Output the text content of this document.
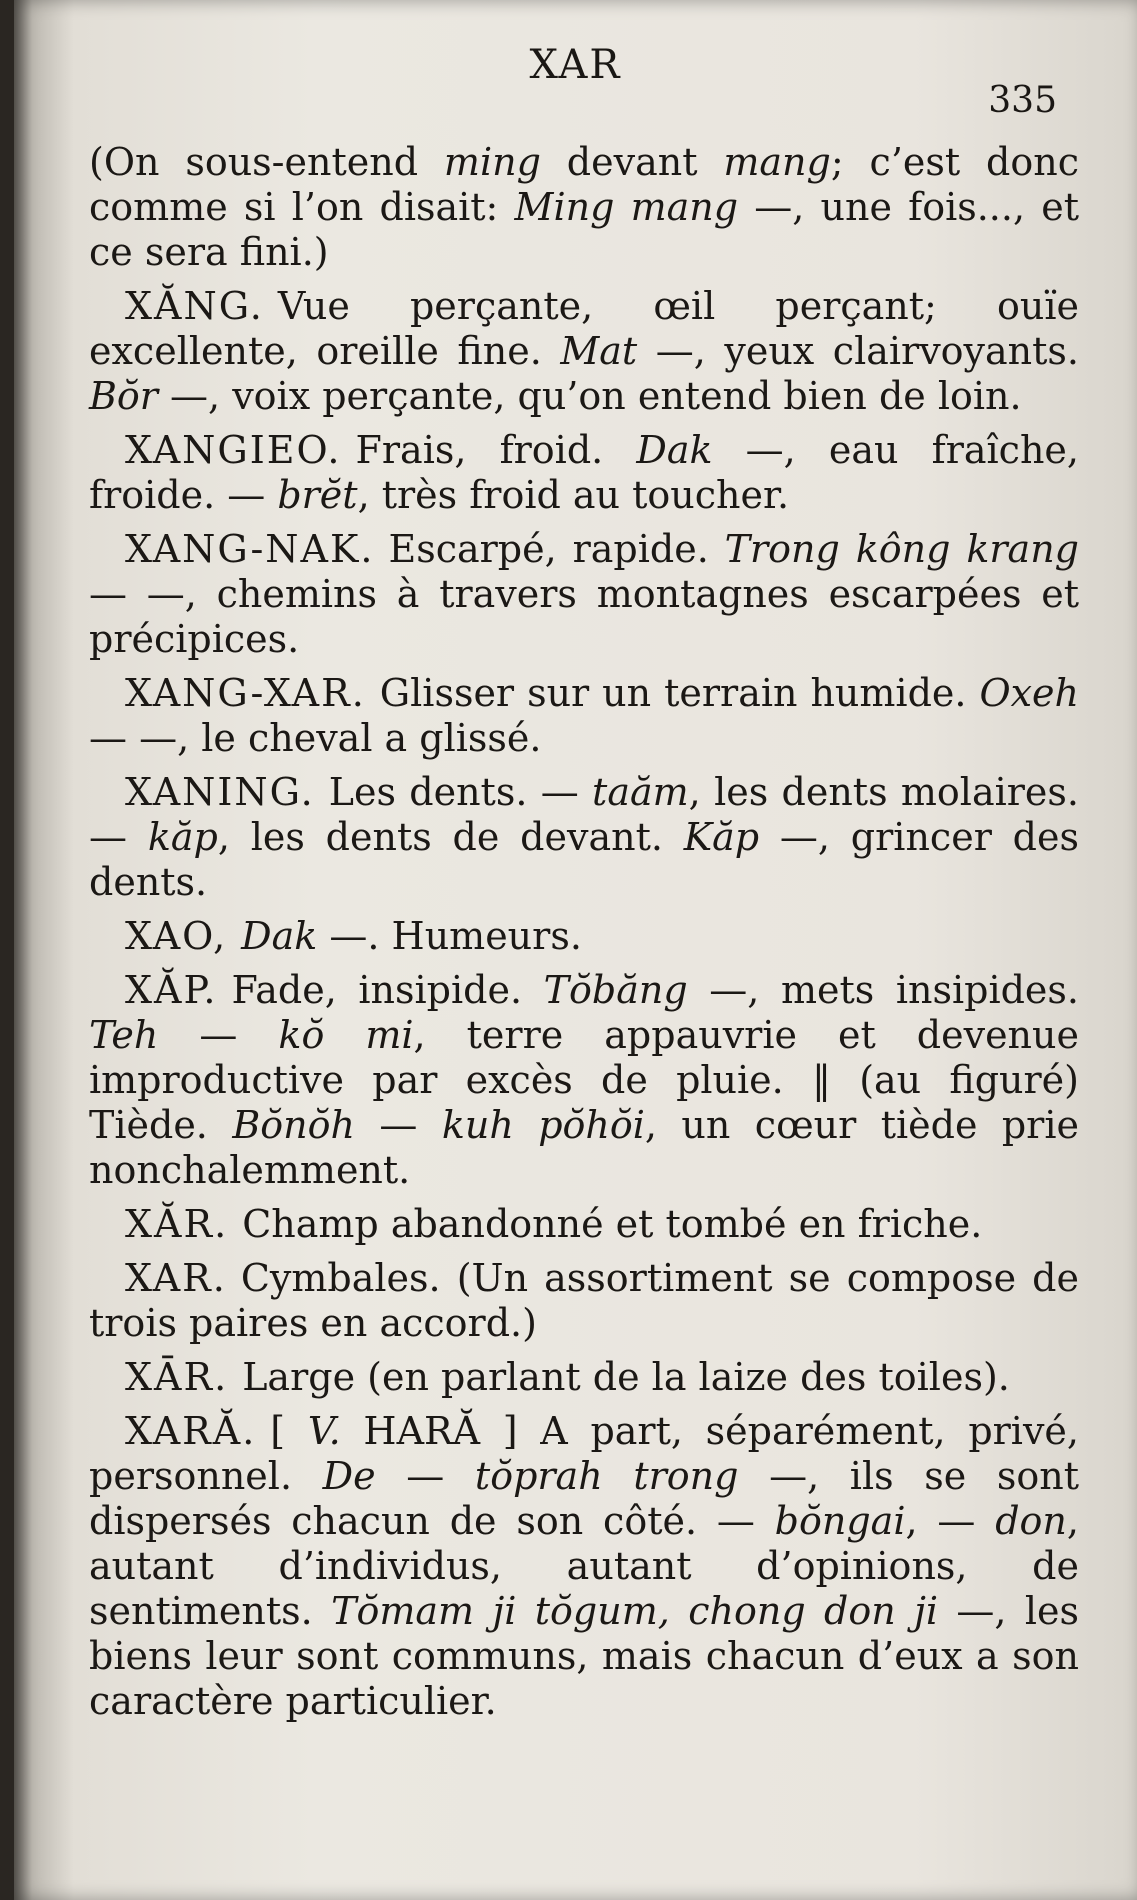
XAR
335

(On sous-entend ming devant mang; c’est donc comme si l’on disait: Ming mang —, une fois..., et ce sera fini.)

XĂNG. Vue perçante, œil perçant; ouïe excellente, oreille fine. Mat —, yeux clairvoyants. Bŏr —, voix perçante, qu’on entend bien de loin.

XANGIEO. Frais, froid. Dak —, eau fraîche, froide. — brĕt, très froid au toucher.

XANG-NAK. Escarpé, rapide. Trong kông krang — —, chemins à travers montagnes escarpées et précipices.

XANG-XAR. Glisser sur un terrain humide. Oxeh — —, le cheval a glissé.

XANING. Les dents. — taăm, les dents molaires. — kăp, les dents de devant. Kăp —, grincer des dents.

XAO, Dak —. Humeurs.

XĂP. Fade, insipide. Tŏbăng —, mets insipides. Teh — kŏ mi, terre appauvrie et devenue improductive par excès de pluie. ‖ (au figuré) Tiède. Bŏnŏh — kuh pŏhŏi, un cœur tiède prie nonchalemment.

XĂR. Champ abandonné et tombé en friche.

XAR. Cymbales. (Un assortiment se compose de trois paires en accord.)

XĀR. Large (en parlant de la laize des toiles).

XARĂ. [ V. HARĂ ] A part, séparément, privé, personnel. De — tŏprah trong —, ils se sont dispersés chacun de son côté. — bŏngai, — don, autant d’individus, autant d’opinions, de sentiments. Tŏmam ji tŏgum, chong don ji —, les biens leur sont communs, mais chacun d’eux a son caractère particulier.
